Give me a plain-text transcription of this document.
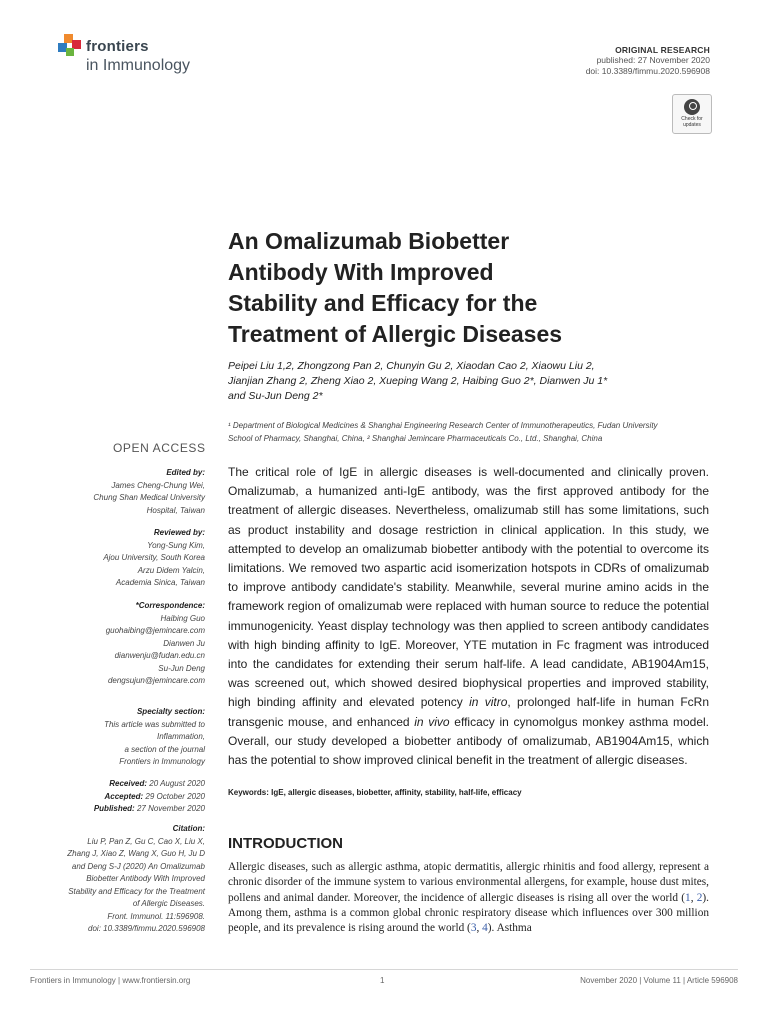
frontiers
in Immunology
ORIGINAL RESEARCH
published: 27 November 2020
doi: 10.3389/fimmu.2020.596908
Check for
updates
An Omalizumab Biobetter
Antibody With Improved
Stability and Efficacy for the
Treatment of Allergic Diseases
Peipei Liu 1,2, Zhongzong Pan 2, Chunyin Gu 2, Xiaodan Cao 2, Xiaowu Liu 2,
Jianjian Zhang 2, Zheng Xiao 2, Xueping Wang 2, Haibing Guo 2*, Dianwen Ju 1*
and Su-Jun Deng 2*
¹ Department of Biological Medicines & Shanghai Engineering Research Center of Immunotherapeutics, Fudan University
School of Pharmacy, Shanghai, China, ² Shanghai Jemincare Pharmaceuticals Co., Ltd., Shanghai, China
OPEN ACCESS
Edited by:
James Cheng-Chung Wei,
Chung Shan Medical University
Hospital, Taiwan
Reviewed by:
Yong-Sung Kim,
Ajou University, South Korea
Arzu Didem Yalcin,
Academia Sinica, Taiwan
*Correspondence:
Haibing Guo
guohaibing@jemincare.com
Dianwen Ju
dianwenju@fudan.edu.cn
Su-Jun Deng
dengsujun@jemincare.com
Specialty section:
This article was submitted to
Inflammation,
a section of the journal
Frontiers in Immunology
Received: 20 August 2020
Accepted: 29 October 2020
Published: 27 November 2020
Citation:
Liu P, Pan Z, Gu C, Cao X, Liu X,
Zhang J, Xiao Z, Wang X, Guo H, Ju D
and Deng S-J (2020) An Omalizumab
Biobetter Antibody With Improved
Stability and Efficacy for the Treatment
of Allergic Diseases.
Front. Immunol. 11:596908.
doi: 10.3389/fimmu.2020.596908
The critical role of IgE in allergic diseases is well-documented and clinically proven. Omalizumab, a humanized anti-IgE antibody, was the first approved antibody for the treatment of allergic diseases. Nevertheless, omalizumab still has some limitations, such as product instability and dosage restriction in clinical application. In this study, we attempted to develop an omalizumab biobetter antibody with the potential to overcome its limitations. We removed two aspartic acid isomerization hotspots in CDRs of omalizumab to improve antibody candidate's stability. Meanwhile, several murine amino acids in the framework region of omalizumab were replaced with human source to reduce the potential immunogenicity. Yeast display technology was then applied to screen antibody candidates with high binding affinity to IgE. Moreover, YTE mutation in Fc fragment was introduced into the candidates for extending their serum half-life. A lead candidate, AB1904Am15, was screened out, which showed desired biophysical properties and improved stability, high binding affinity and elevated potency in vitro, prolonged half-life in human FcRn transgenic mouse, and enhanced in vivo efficacy in cynomolgus monkey asthma model. Overall, our study developed a biobetter antibody of omalizumab, AB1904Am15, which has the potential to show improved clinical benefit in the treatment of allergic diseases.
Keywords: IgE, allergic diseases, biobetter, affinity, stability, half-life, efficacy
INTRODUCTION
Allergic diseases, such as allergic asthma, atopic dermatitis, allergic rhinitis and food allergy, represent a chronic disorder of the immune system to various environmental allergens, for example, house dust mites, pollens and animal dander. Moreover, the incidence of allergic diseases is rising all over the world (1, 2). Among them, asthma is a common global chronic respiratory disease which influences over 300 million people, and its prevalence is rising around the world (3, 4). Asthma
Frontiers in Immunology | www.frontiersin.org	1	November 2020 | Volume 11 | Article 596908
